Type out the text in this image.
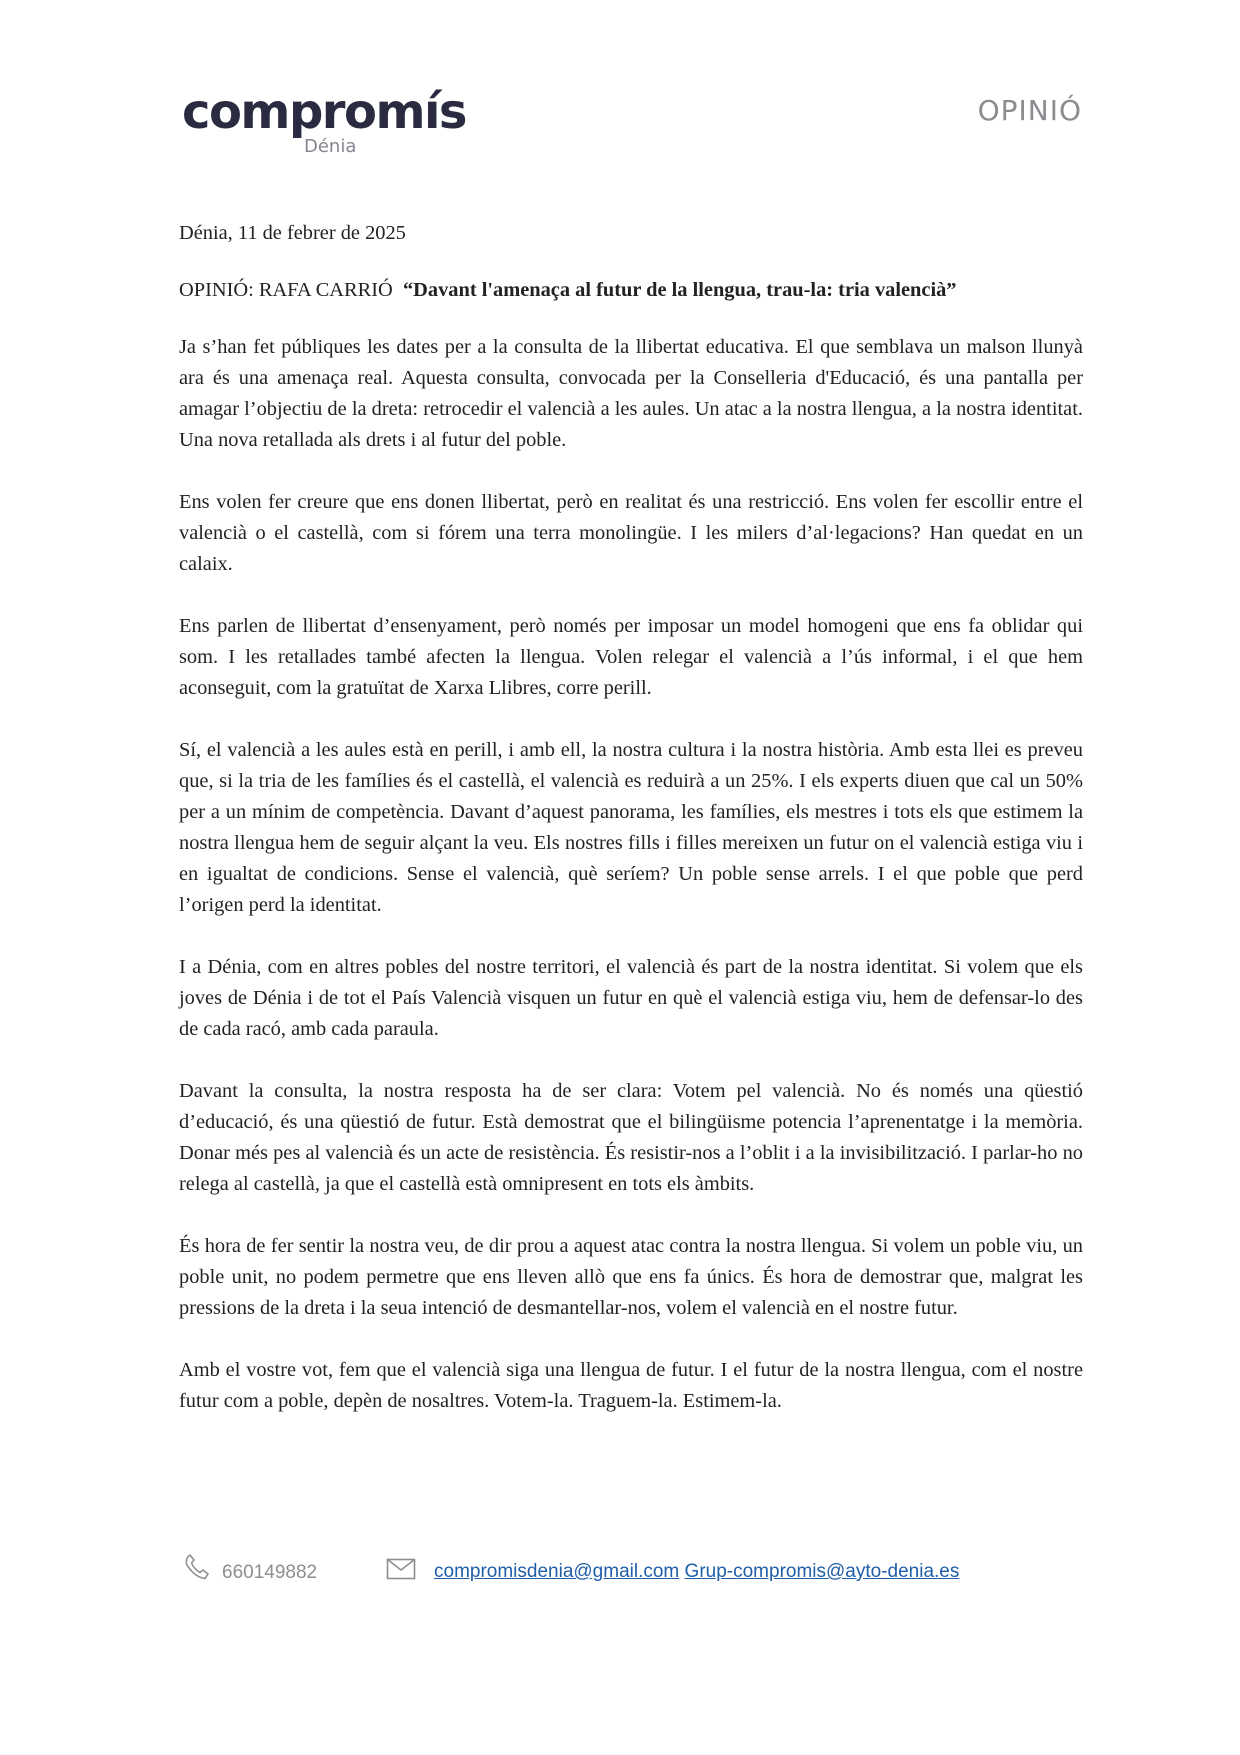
compromís
Dénia
OPINIÓ

Dénia, 11 de febrer de 2025

OPINIÓ: RAFA CARRIÓ “Davant l'amenaça al futur de la llengua, trau-la: tria valencià”

Ja s’han fet públiques les dates per a la consulta de la llibertat educativa. El que semblava un malson llunyà ara és una amenaça real. Aquesta consulta, convocada per la Conselleria d'Educació, és una pantalla per amagar l’objectiu de la dreta: retrocedir el valencià a les aules. Un atac a la nostra llengua, a la nostra identitat. Una nova retallada als drets i al futur del poble.

Ens volen fer creure que ens donen llibertat, però en realitat és una restricció. Ens volen fer escollir entre el valencià o el castellà, com si fórem una terra monolingüe. I les milers d’al·legacions? Han quedat en un calaix.

Ens parlen de llibertat d’ensenyament, però només per imposar un model homogeni que ens fa oblidar qui som. I les retallades també afecten la llengua. Volen relegar el valencià a l’ús informal, i el que hem aconseguit, com la gratuïtat de Xarxa Llibres, corre perill.

Sí, el valencià a les aules està en perill, i amb ell, la nostra cultura i la nostra història. Amb esta llei es preveu que, si la tria de les famílies és el castellà, el valencià es reduirà a un 25%. I els experts diuen que cal un 50% per a un mínim de competència. Davant d’aquest panorama, les famílies, els mestres i tots els que estimem la nostra llengua hem de seguir alçant la veu. Els nostres fills i filles mereixen un futur on el valencià estiga viu i en igualtat de condicions. Sense el valencià, què seríem? Un poble sense arrels. I el que poble que perd l’origen perd la identitat.

I a Dénia, com en altres pobles del nostre territori, el valencià és part de la nostra identitat. Si volem que els joves de Dénia i de tot el País Valencià visquen un futur en què el valencià estiga viu, hem de defensar-lo des de cada racó, amb cada paraula.

Davant la consulta, la nostra resposta ha de ser clara: Votem pel valencià. No és només una qüestió d’educació, és una qüestió de futur. Està demostrat que el bilingüisme potencia l’aprenentatge i la memòria. Donar més pes al valencià és un acte de resistència. És resistir-nos a l’oblit i a la invisibilització. I parlar-ho no relega al castellà, ja que el castellà està omnipresent en tots els àmbits.

És hora de fer sentir la nostra veu, de dir prou a aquest atac contra la nostra llengua. Si volem un poble viu, un poble unit, no podem permetre que ens lleven allò que ens fa únics. És hora de demostrar que, malgrat les pressions de la dreta i la seua intenció de desmantellar-nos, volem el valencià en el nostre futur.

Amb el vostre vot, fem que el valencià siga una llengua de futur. I el futur de la nostra llengua, com el nostre futur com a poble, depèn de nosaltres. Votem-la. Traguem-la. Estimem-la.

660149882	compromisdenia@gmail.com Grup-compromis@ayto-denia.es
